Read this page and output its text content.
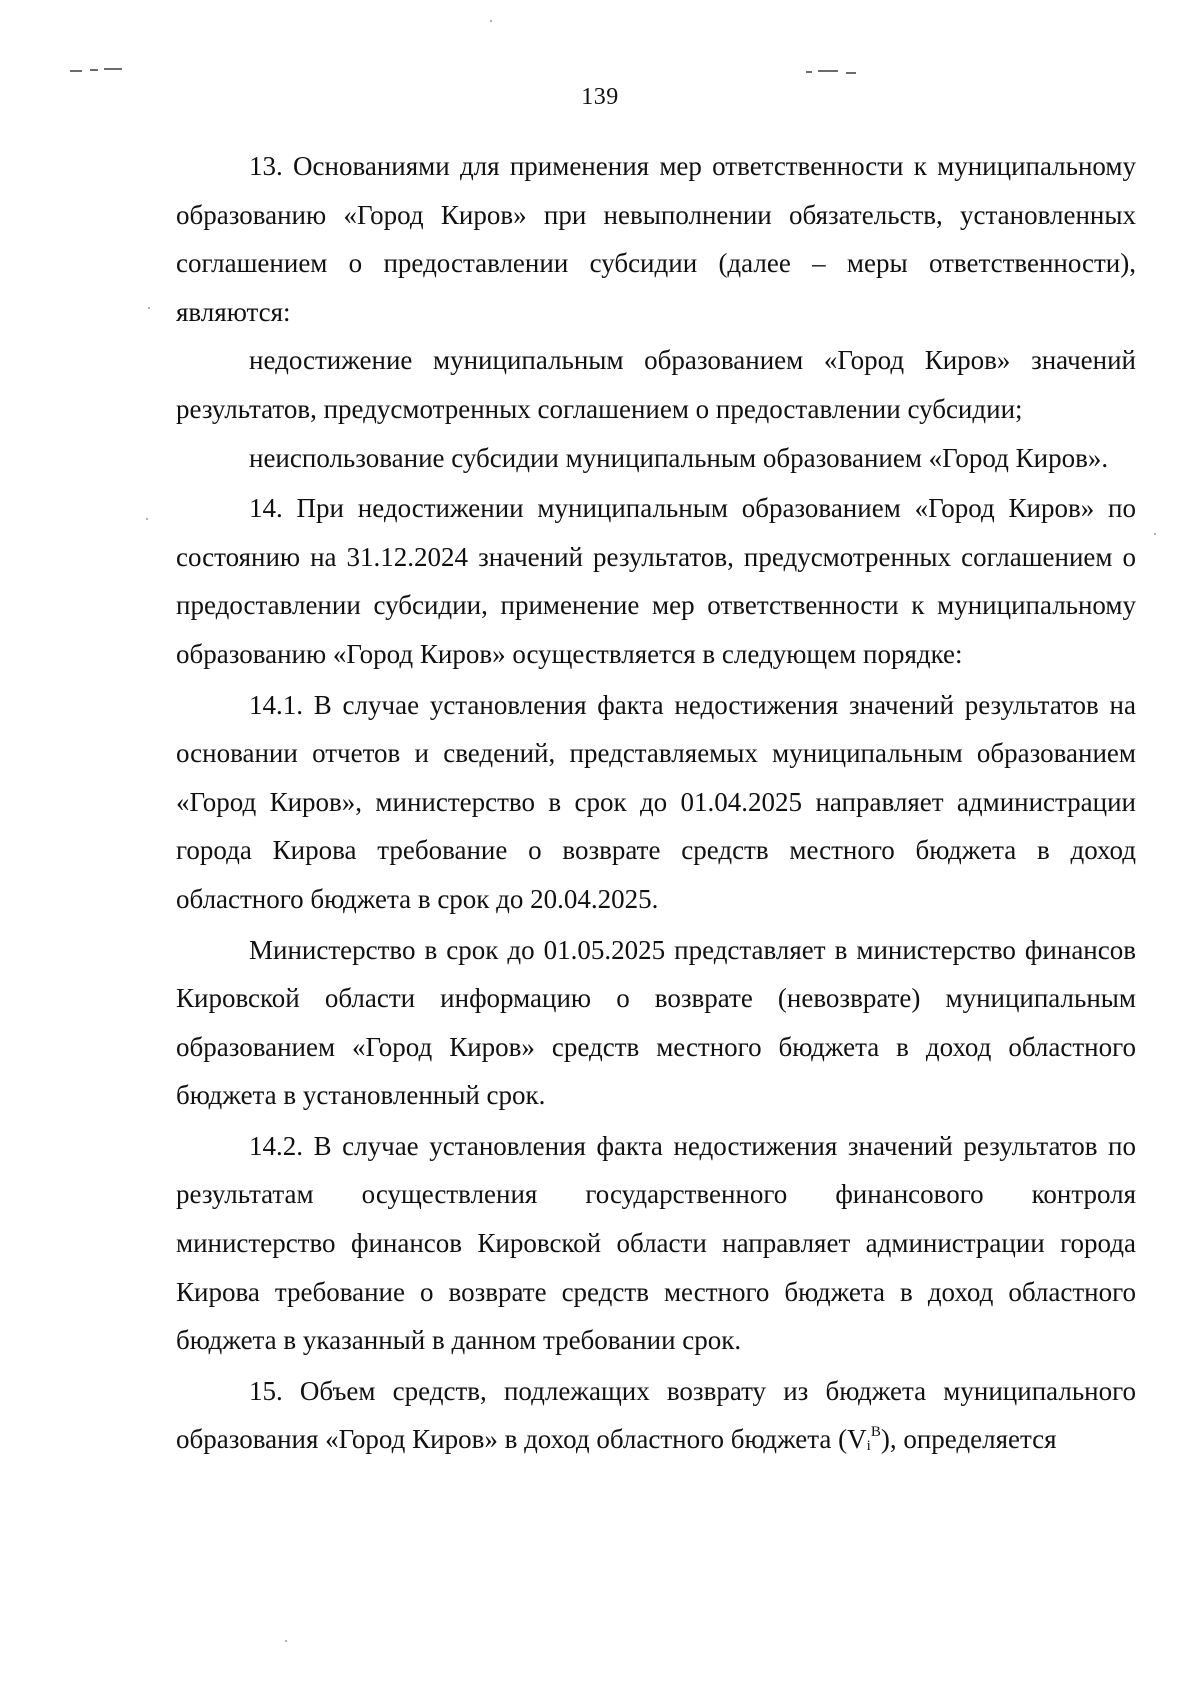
139

13. Основаниями для применения мер ответственности к муниципальному образованию «Город Киров» при невыполнении обязательств, установленных соглашением о предоставлении субсидии (далее – меры ответственности), являются:

недостижение муниципальным образованием «Город Киров» значений результатов, предусмотренных соглашением о предоставлении субсидии;

неиспользование субсидии муниципальным образованием «Город Киров».

14. При недостижении муниципальным образованием «Город Киров» по состоянию на 31.12.2024 значений результатов, предусмотренных соглашением о предоставлении субсидии, применение мер ответственности к муниципальному образованию «Город Киров» осуществляется в следующем порядке:

14.1. В случае установления факта недостижения значений результатов на основании отчетов и сведений, представляемых муниципальным образованием «Город Киров», министерство в срок до 01.04.2025 направляет администрации города Кирова требование о возврате средств местного бюджета в доход областного бюджета в срок до 20.04.2025.

Министерство в срок до 01.05.2025 представляет в министерство финансов Кировской области информацию о возврате (невозврате) муниципальным образованием «Город Киров» средств местного бюджета в доход областного бюджета в установленный срок.

14.2. В случае установления факта недостижения значений результатов по результатам осуществления государственного финансового контроля министерство финансов Кировской области направляет администрации города Кирова требование о возврате средств местного бюджета в доход областного бюджета в указанный в данном требовании срок.

15. Объем средств, подлежащих возврату из бюджета муниципального образования «Город Киров» в доход областного бюджета $(V_i^В)$, определяется
